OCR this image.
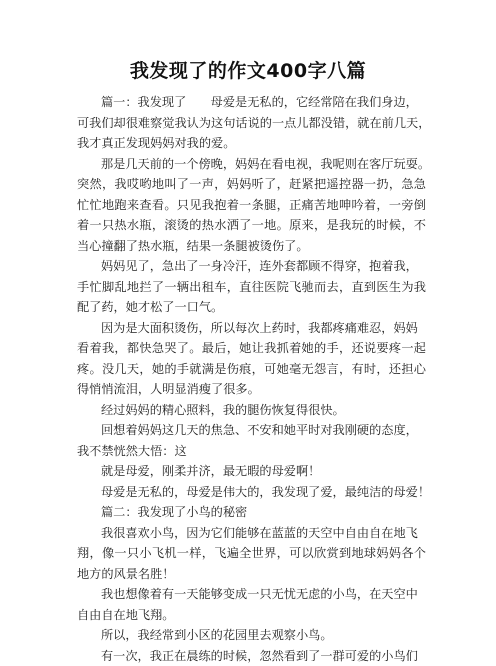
我发现了的作文400字八篇
篇一：我发现了　　母爱是无私的，它经常陪在我们身边，
可我们却很难察觉我认为这句话说的一点儿都没错，就在前几天，
我才真正发现妈妈对我的爱。
那是几天前的一个傍晚，妈妈在看电视，我呢则在客厅玩耍。
突然，我哎哟地叫了一声，妈妈听了，赶紧把遥控器一扔，急急
忙忙地跑来查看。只见我抱着一条腿，正痛苦地呻吟着，一旁倒
着一只热水瓶，滚烫的热水洒了一地。原来，是我玩的时候，不
当心撞翻了热水瓶，结果一条腿被烫伤了。
妈妈见了，急出了一身冷汗，连外套都顾不得穿，抱着我，
手忙脚乱地拦了一辆出租车，直往医院飞驰而去，直到医生为我
配了药，她才松了一口气。
因为是大面积烫伤，所以每次上药时，我都疼痛难忍，妈妈
看着我，都快急哭了。最后，她让我抓着她的手，还说要疼一起
疼。没几天，她的手就满是伤痕，可她毫无怨言，有时，还担心
得悄悄流泪，人明显消瘦了很多。
经过妈妈的精心照料，我的腿伤恢复得很快。
回想着妈妈这几天的焦急、不安和她平时对我刚硬的态度，
我不禁恍然大悟：这
就是母爱，刚柔并济，最无暇的母爱啊！
母爱是无私的，母爱是伟大的，我发现了爱，最纯洁的母爱！
篇二：我发现了小鸟的秘密
我很喜欢小鸟，因为它们能够在蓝蓝的天空中自由自在地飞
翔，像一只小飞机一样，飞遍全世界，可以欣赏到地球妈妈各个
地方的风景名胜！
我也想像着有一天能够变成一只无忧无虑的小鸟，在天空中
自由自在地飞翔。
所以，我经常到小区的花园里去观察小鸟。
有一次，我正在晨练的时候，忽然看到了一群可爱的小鸟们
